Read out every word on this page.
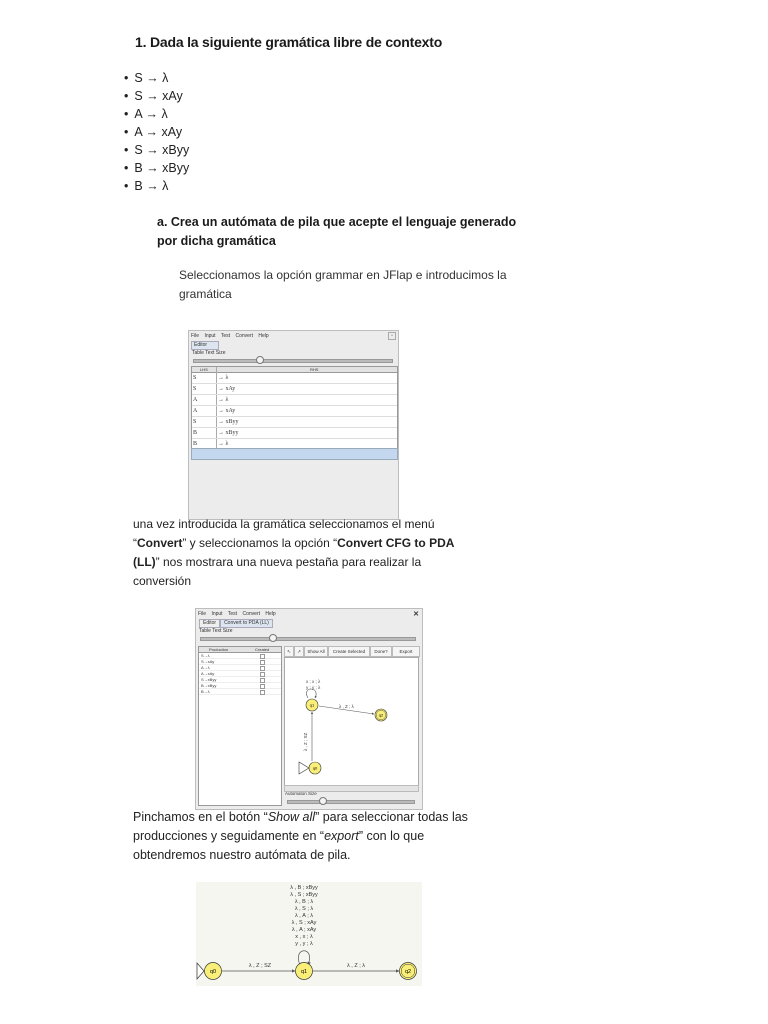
1. Dada la siguiente gramática libre de contexto
• S → λ
• S → xAy
• A → λ
• A → xAy
• S → xByy
• B → xByy
• B → λ
a. Crea un autómata de pila que acepte el lenguaje generado por dicha gramática
Seleccionamos la opción grammar en JFlap e introducimos la gramática
File Input Test Convert Help	▫
Editor
Table Text Size
LHS	RHS
S	→ λ
S	→ xAy
A	→ λ
A	→ xAy
S	→ xByy
B	→ xByy
B	→ λ
una vez introducida la gramática seleccionamos el menú “Convert” y seleccionamos la opción “Convert CFG to PDA (LL)” nos mostrara una nueva pestaña para realizar la conversión
File Input Test Convert Help	✕
Editor Convert to PDA (LL)
Table Text Size
Production	Created
S→λ
S→xAy
A→λ
A→xAy
S→xByy
B→xByy
B→λ
↖	↗	Show All	Create Selected	Done?	Export
x ; x ; λ
y ; y ; λ
λ , Z ; λ
λ , Z ; SZ
q1
q2
q0
Automaton Size
Pinchamos en el botón “Show all” para seleccionar todas las producciones y seguidamente en “export” con lo que obtendremos nuestro autómata de pila.
λ , B ; xByy
λ , S ; xByy
λ , B ; λ
λ , S ; λ
λ , A ; λ
λ , S ; xAy
λ , A ; xAy
x , x ; λ
y , y ; λ
λ , Z ; SZ	λ , Z ; λ
q0	q1	q2
